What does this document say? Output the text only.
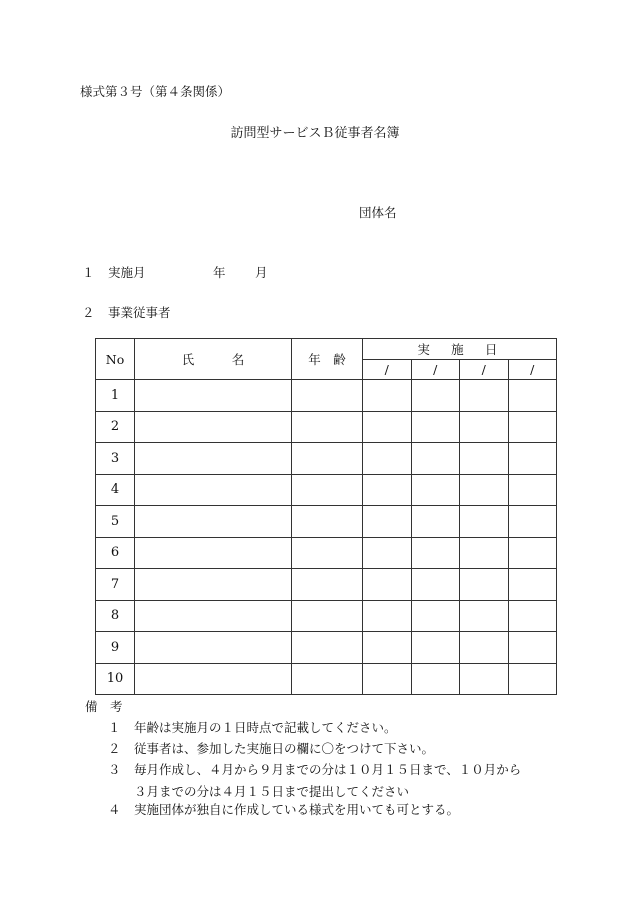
様式第３号（第４条関係）
訪問型サービスＢ従事者名簿
団体名
１ 実施月	年 月
２ 事業従事者
No	氏　　　名	年　齢	実　施　日			
			/	/	/	/
1						
2						
3						
4						
5						
6						
7						
8						
9						
10						
備　考
１ 年齢は実施月の１日時点で記載してください。
２ 従事者は、参加した実施日の欄に〇をつけて下さい。
３ 毎月作成し、４月から９月までの分は１０月１５日まで、１０月から
３月までの分は４月１５日まで提出してください
４ 実施団体が独自に作成している様式を用いても可とする。
